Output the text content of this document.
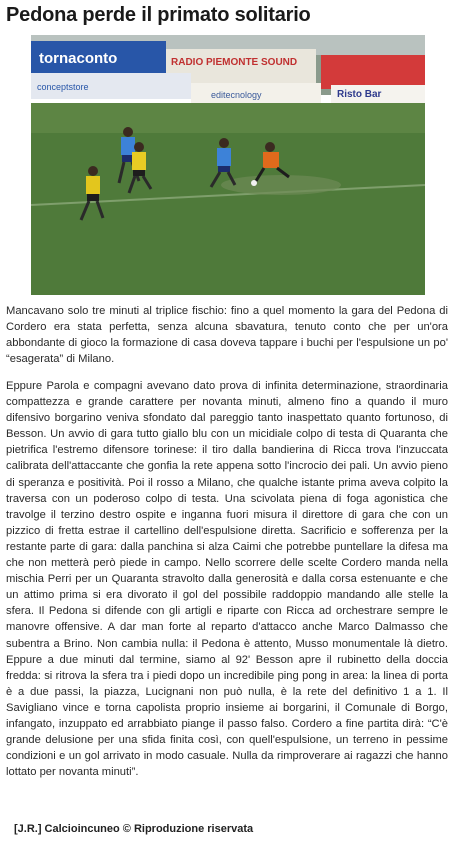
Pedona perde il primato solitario
tornaconto	RADIO PIEMONTE SOUND
conceptstore
editecnology	Risto Bar

Mancavano solo tre minuti al triplice fischio: fino a quel momento la gara del Pedona di Cordero era stata perfetta, senza alcuna sbavatura, tenuto conto che per un'ora abbondante di gioco la formazione di casa doveva tappare i buchi per l'espulsione un po' “esagerata” di Milano.

Eppure Parola e compagni avevano dato prova di infinita determinazione, straordinaria compattezza e grande carattere per novanta minuti, almeno fino a quando il muro difensivo borgarino veniva sfondato dal pareggio tanto inaspettato quanto fortunoso, di Besson. Un avvio di gara tutto giallo blu con un micidiale colpo di testa di Quaranta che pietrifica l'estremo difensore torinese: il tiro dalla bandierina di Ricca trova l'inzuccata calibrata dell'attaccante che gonfia la rete appena sotto l'incrocio dei pali. Un avvio pieno di speranza e positività. Poi il rosso a Milano, che qualche istante prima aveva colpito la traversa con un poderoso colpo di testa. Una scivolata piena di foga agonistica che travolge il terzino destro ospite e inganna fuori misura il direttore di gara che con un pizzico di fretta estrae il cartellino dell'espulsione diretta. Sacrificio e sofferenza per la restante parte di gara: dalla panchina si alza Caimi che potrebbe puntellare la difesa ma che non metterà però piede in campo. Nello scorrere delle scelte Cordero manda nella mischia Perri per un Quaranta stravolto dalla generosità e dalla corsa estenuante e che un attimo prima si era divorato il gol del possibile raddoppio mandando alle stelle la sfera. Il Pedona si difende con gli artigli e riparte con Ricca ad orchestrare sempre le manovre offensive. A dar man forte al reparto d'attacco anche Marco Dalmasso che subentra a Brino. Non cambia nulla: il Pedona è attento, Musso monumentale là dietro. Eppure a due minuti dal termine, siamo al 92' Besson apre il rubinetto della doccia fredda: si ritrova la sfera tra i piedi dopo un incredibile ping pong in area: la linea di porta è a due passi, la piazza, Lucignani non può nulla, è la rete del definitivo 1 a 1. Il Savigliano vince e torna capolista proprio insieme ai borgarini, il Comunale di Borgo, infangato, inzuppato ed arrabbiato piange il passo falso. Cordero a fine partita dirà: “C'è grande delusione per una sfida finita così, con quell'espulsione, un terreno in pessime condizioni e un gol arrivato in modo casuale. Nulla da rimproverare ai ragazzi che hanno lottato per novanta minuti”.

[J.R.] Calcioincuneo © Riproduzione riservata
